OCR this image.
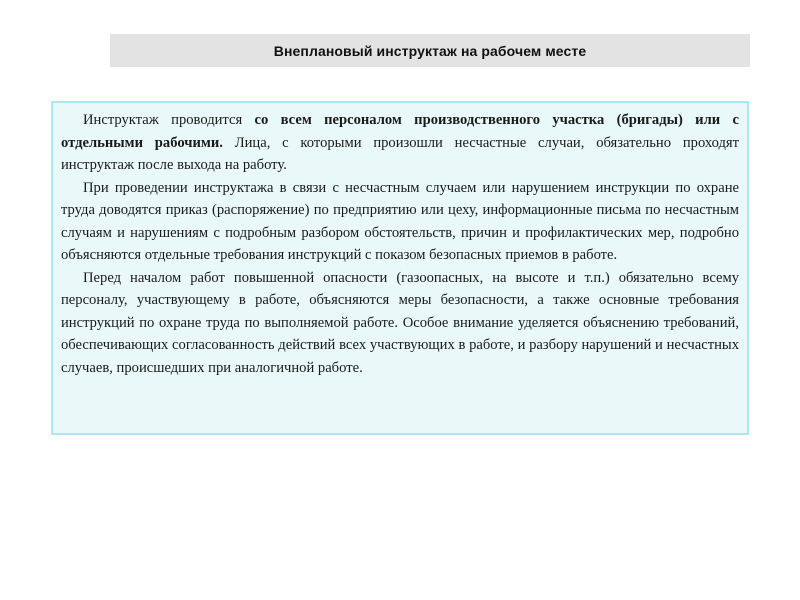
Внеплановый инструктаж на рабочем месте

Инструктаж проводится со всем персоналом производственного участка (бригады) или с отдельными рабочими. Лица, с которыми произошли несчастные случаи, обязательно проходят инструктаж после выхода на работу.

При проведении инструктажа в связи с несчастным случаем или нарушением инструкции по охране труда доводятся приказ (распоряжение) по предприятию или цеху, информационные письма по несчастным случаям и нарушениям с подробным разбором обстоятельств, причин и профилактических мер, подробно объясняются отдельные требования инструкций с показом безопасных приемов в работе.

Перед началом работ повышенной опасности (газоопасных, на высоте и т.п.) обязательно всему персоналу, участвующему в работе, объясняются меры безопасности, а также основные требования инструкций по охране труда по выполняемой работе. Особое внимание уделяется объяснению требований, обеспечивающих согласованность действий всех участвующих в работе, и разбору нарушений и несчастных случаев, происшедших при аналогичной работе.
